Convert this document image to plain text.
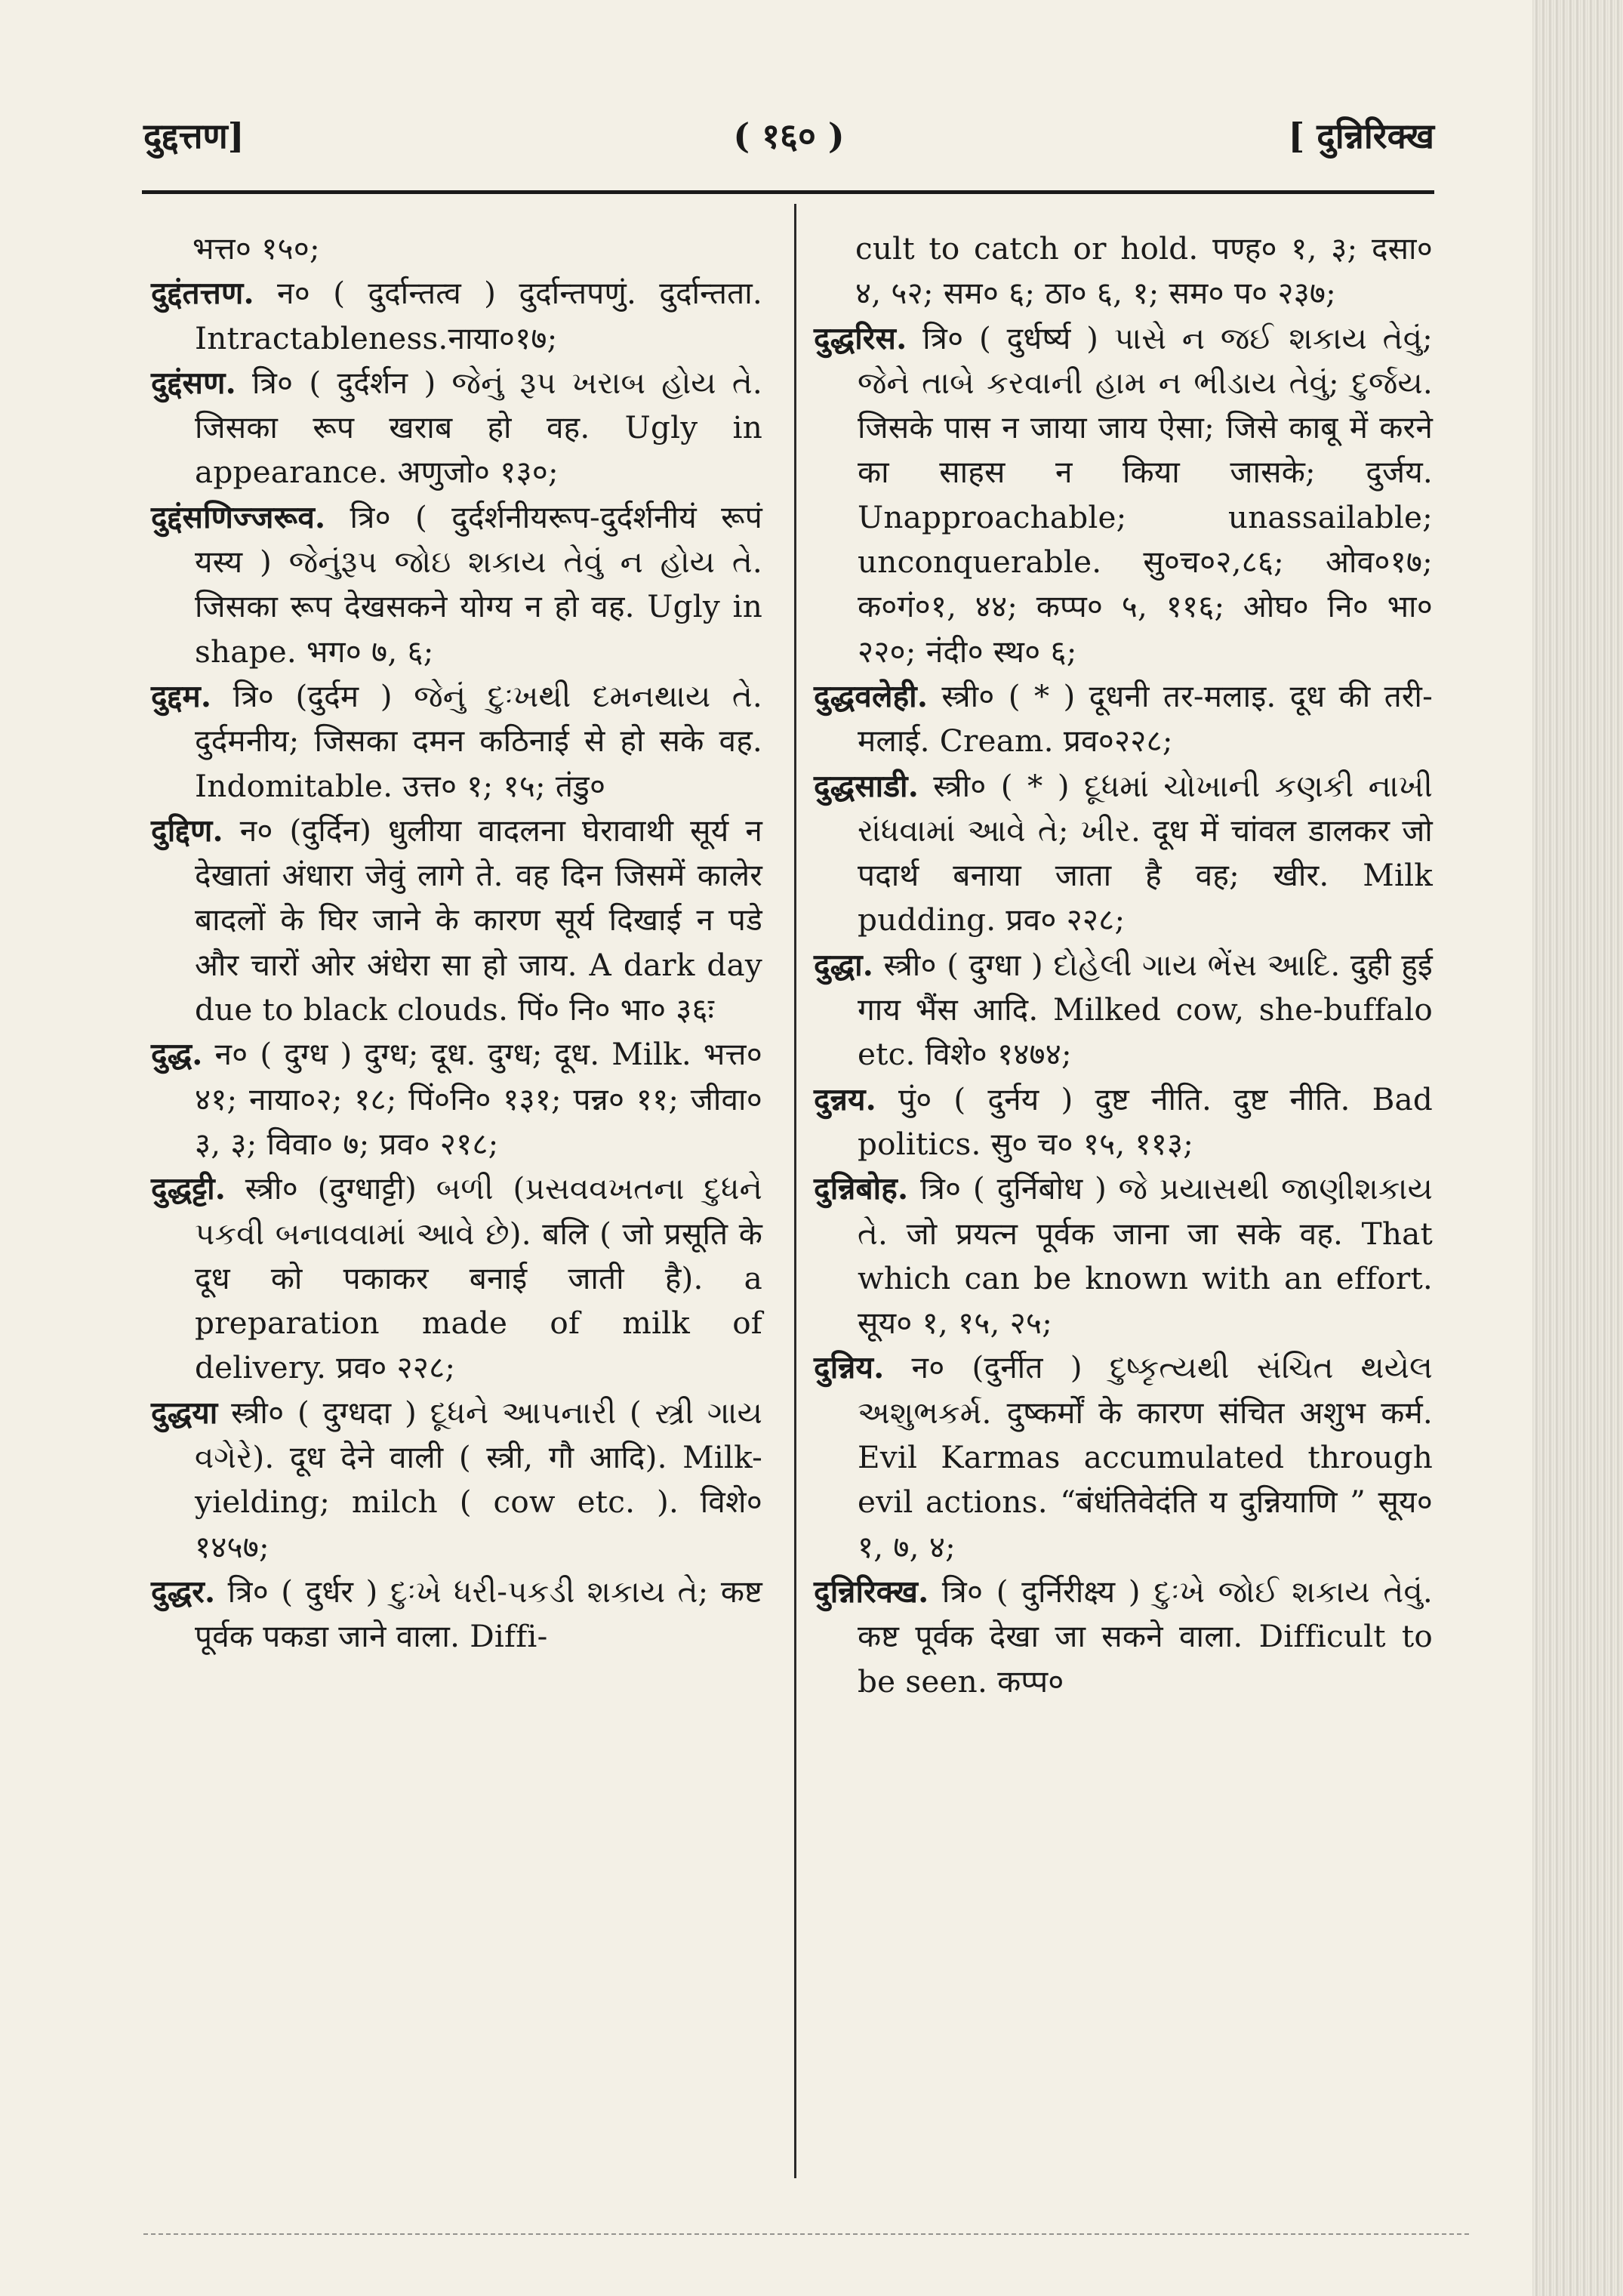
दुद्दत्तण]	( १६० )	[ दुन्निरिक्ख

भत्त० १५०;

दुद्दंतत्तण. न० ( दुर्दान्तत्व ) दुर्दान्तपणुं. दुर्दान्तता. Intractableness.नाया०१७;

दुद्दंसण. त्रि० ( दुर्दर्शन ) જેનું રૂપ ખરાબ હોય તે. जिसका रूप खराब हो वह. Ugly in appearance. अणुजो० १३०;

दुद्दंसणिज्जरूव. त्रि० ( दुर्दर्शनीयरूप-दुर्दर्शनीयं रूपं यस्य ) જેનુંરૂપ જોઇ શકાય તેવું ન હોય તે. जिसका रूप देखसकने योग्य न हो वह. Ugly in shape. भग० ७, ६;

दुद्दम. त्रि० (दुर्दम ) જેનું દુઃખથી દમનથાય તે. दुर्दमनीय; जिसका दमन कठिनाई से हो सके वह. Indomitable. उत्त० १; १५; तंडु०

दुद्दिण. न० (दुर्दिन) धुलीया वादलना घेरावाथी सूर्य न देखातां अंधारा जेवुं लागे ते. वह दिन जिसमें कालेर बादलों के घिर जाने के कारण सूर्य दिखाई न पडे और चारों ओर अंधेरा सा हो जाय. A dark day due to black clouds. पिं० नि० भा० ३६ः

दुद्ध. न० ( दुग्ध ) दुग्ध; दूध. दुग्ध; दूध. Milk. भत्त० ४१; नाया०२; १८; पिं०नि० १३१; पन्न० ११; जीवा० ३, ३; विवा० ७; प्रव० २१८;

दुद्धट्टी. स्त्री० (दुग्धाट्टी) બળી (પ્રસવવખતના દુધને પકવી બનાવવામાં આવે છે). बलि ( जो प्रसूति के दूध को पकाकर बनाई जाती है). a preparation made of milk of delivery. प्रव० २२८;

दुद्धया स्त्री० ( दुग्धदा ) દૂધને આપનારી ( સ્ત્રી ગાય વગેરે). दूध देने वाली ( स्त्री, गौ आदि). Milk-yielding; milch ( cow etc. ). विशे० १४५७;

दुद्धर. त्रि० ( दुर्धर ) દુઃખે ધરી-પકડી શકાય તે; कष्ट पूर्वक पकडा जाने वाला. Diffi-

cult to catch or hold. पण्ह० १, ३; दसा० ४, ५२; सम० ६; ठा० ६, १; सम० प० २३७;

दुद्धरिस. त्रि० ( दुर्धर्ष्य ) પાસે ન જઈ શકાય તેવું; જેને તાબે કરવાની હામ ન ભીડાય તેવું; દુર્જય. जिसके पास न जाया जाय ऐसा; जिसे काबू में करने का साहस न किया जासके; दुर्जय. Unapproachable; unassailable; unconquerable. सु०च०२,८६; ओव०१७; क०गं०१, ४४; कप्प० ५, ११६; ओघ० नि० भा० २२०; नंदी० स्थ० ६;

दुद्धवलेही. स्त्री० ( * ) दूधनी तर-मलाइ. दूध की तरी-मलाई. Cream. प्रव०२२८;

दुद्धसाडी. स्त्री० ( * ) દૂધમાં ચોખાની કણકી નાખી રાંધવામાં આવે તે; ખીર. दूध में चांवल डालकर जो पदार्थ बनाया जाता है वह; खीर. Milk pudding. प्रव० २२८;

दुद्धा. स्त्री० ( दुग्धा ) દોહેલી ગાય ભેંસ આદિ. दुही हुई गाय भैंस आदि. Milked cow, she-buffalo etc. विशे० १४७४;

दुन्नय. पुं० ( दुर्नय ) दुष्ट नीति. दुष्ट नीति. Bad politics. सु० च० १५, ११३;

दुन्निबोह. त्रि० ( दुर्निबोध ) જે પ્રયાસથી જાણીશકાય તે. जो प्रयत्न पूर्वक जाना जा सके वह. That which can be known with an effort. सूय० १, १५, २५;

दुन्निय. न० (दुर्नीत ) દુષ્કૃત્યથી સંચિત થયેલ અશુભકર્મ. दुष्कर्मों के कारण संचित अशुभ कर्म. Evil Karmas accumulated through evil actions. “बंधंतिवेदंति य दुन्नियाणि ” सूय० १, ७, ४;

दुन्निरिक्ख. त्रि० ( दुर्निरीक्ष्य ) દુઃખે જોઈ શકાય તેવું. कष्ट पूर्वक देखा जा सकने वाला. Difficult to be seen. कप्प०
